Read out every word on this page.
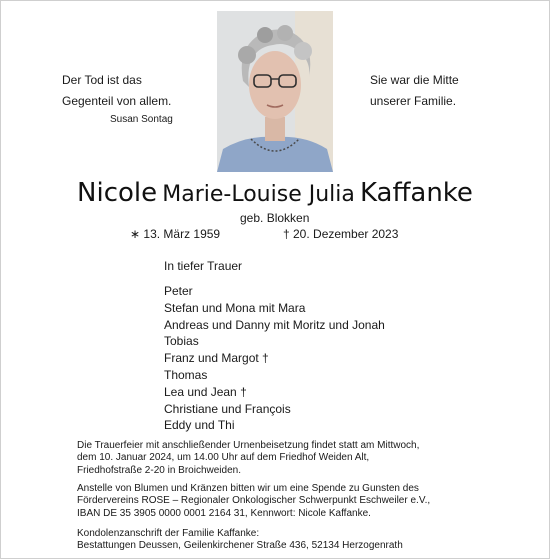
Der Tod ist das
Gegenteil von allem.
Susan Sontag
Sie war die Mitte
unserer Familie.
Nicole Marie-Louise Julia Kaffanke
geb. Blokken
∗ 13. März 1959	† 20. Dezember 2023
In tiefer Trauer
Peter
Stefan und Mona mit Mara
Andreas und Danny mit Moritz und Jonah
Tobias
Franz und Margot †
Thomas
Lea und Jean †
Christiane und François
Eddy und Thi

Die Trauerfeier mit anschließender Urnenbeisetzung findet statt am Mittwoch,
dem 10. Januar 2024, um 14.00 Uhr auf dem Friedhof Weiden Alt,
Friedhofstraße 2-20 in Broichweiden.

Anstelle von Blumen und Kränzen bitten wir um eine Spende zu Gunsten des
Fördervereins ROSE – Regionaler Onkologischer Schwerpunkt Eschweiler e.V.,
IBAN DE 35 3905 0000 0001 2164 31, Kennwort: Nicole Kaffanke.

Kondolenzanschrift der Familie Kaffanke:
Bestattungen Deussen, Geilenkirchener Straße 436, 52134 Herzogenrath
